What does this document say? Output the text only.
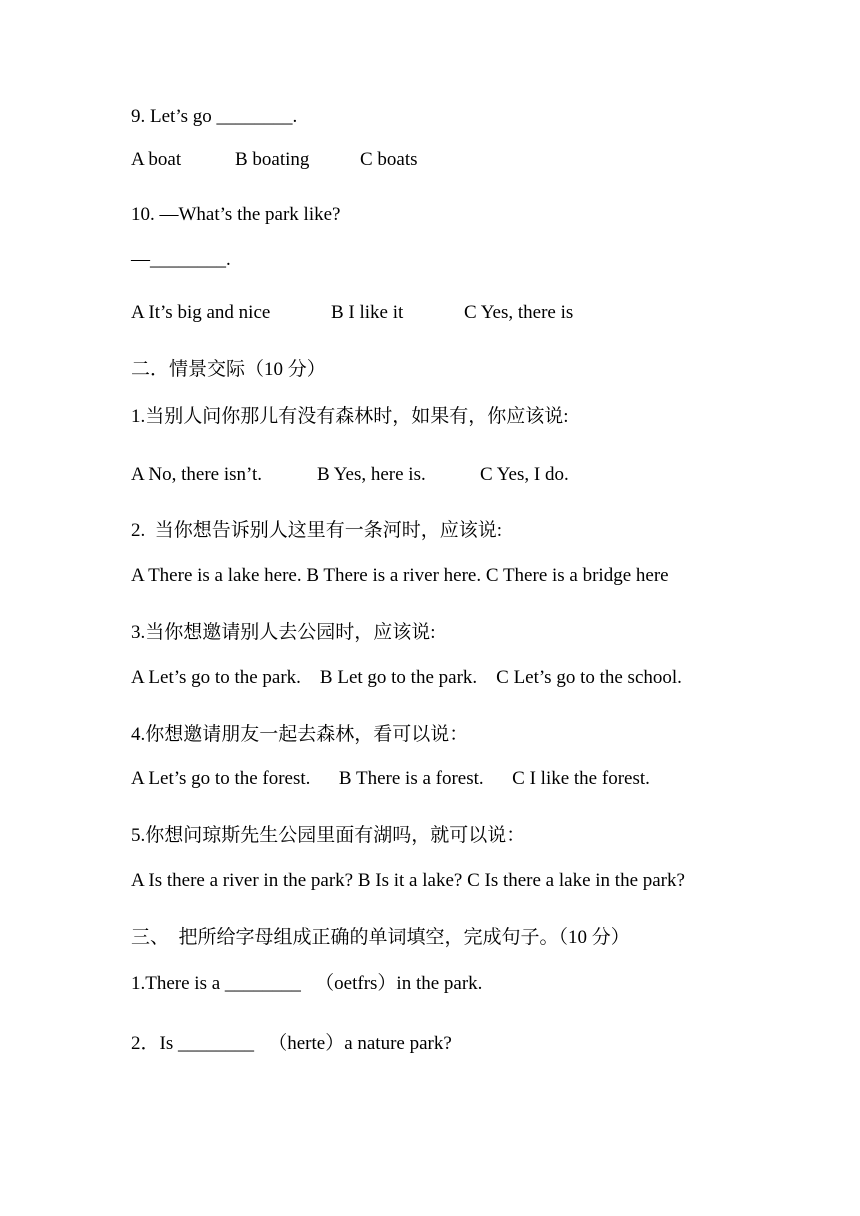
9. Let’s go ________.
A boat	B boating	C boats
10. —What’s the park like?
—________.
A It’s big and nice	B I like it	C Yes, there is
二．情景交际（10 分）
1.当别人问你那儿有没有森林时，如果有，你应该说:
A No, there isn’t.	B Yes, here is.	C Yes, I do.
2.  当你想告诉别人这里有一条河时，应该说:
A There is a lake here. B There is a river here. C There is a bridge here
3.当你想邀请别人去公园时，应该说:
A Let’s go to the park.    B Let go to the park.    C Let’s go to the school.
4.你想邀请朋友一起去森林，看可以说：
A Let’s go to the forest.      B There is a forest.      C I like the forest.
5.你想问琼斯先生公园里面有湖吗，就可以说：
A Is there a river in the park? B Is it a lake? C Is there a lake in the park?
三、  把所给字母组成正确的单词填空，完成句子。（10 分）
1.There is a ________   （oetfrs）in the park.
2．Is ________   （herte）a nature park?
